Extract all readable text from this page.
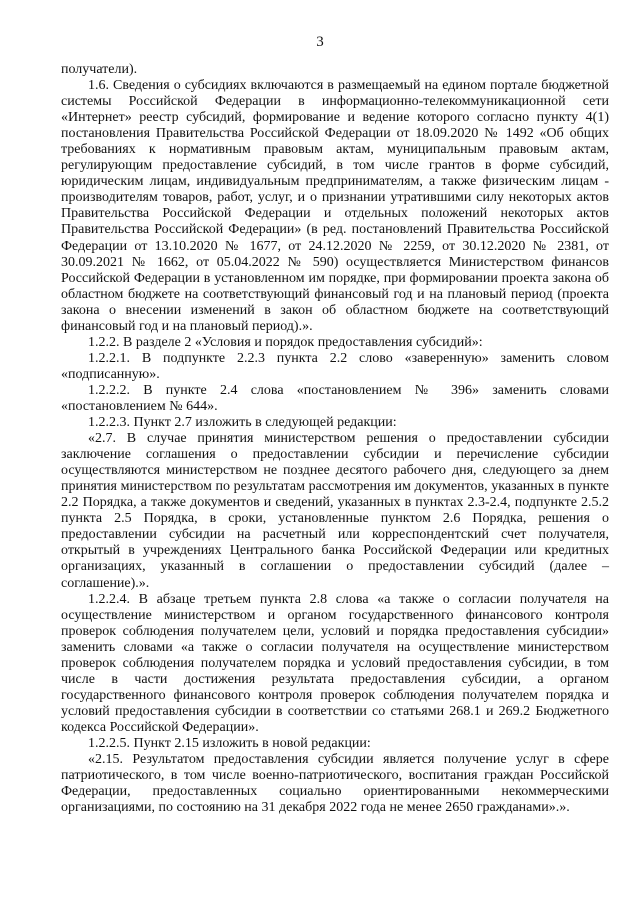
3

получатели).

1.6. Сведения о субсидиях включаются в размещаемый на едином портале бюджетной системы Российской Федерации в информационно-телекоммуникационной сети «Интернет» реестр субсидий, формирование и ведение которого согласно пункту 4(1) постановления Правительства Российской Федерации от 18.09.2020 № 1492 «Об общих требованиях к нормативным правовым актам, муниципальным правовым актам, регулирующим предоставление субсидий, в том числе грантов в форме субсидий, юридическим лицам, индивидуальным предпринимателям, а также физическим лицам - производителям товаров, работ, услуг, и о признании утратившими силу некоторых актов Правительства Российской Федерации и отдельных положений некоторых актов Правительства Российской Федерации» (в ред. постановлений Правительства Российской Федерации от 13.10.2020 № 1677, от 24.12.2020 № 2259, от 30.12.2020 № 2381, от 30.09.2021 № 1662, от 05.04.2022 № 590) осуществляется Министерством финансов Российской Федерации в установленном им порядке, при формировании проекта закона об областном бюджете на соответствующий финансовый год и на плановый период (проекта закона о внесении изменений в закон об областном бюджете на соответствующий финансовый год и на плановый период).».

1.2.2. В разделе 2 «Условия и порядок предоставления субсидий»:

1.2.2.1. В подпункте 2.2.3 пункта 2.2 слово «заверенную» заменить словом «подписанную».

1.2.2.2. В пункте 2.4 слова «постановлением № 396» заменить словами «постановлением № 644».

1.2.2.3. Пункт 2.7 изложить в следующей редакции:

«2.7. В случае принятия министерством решения о предоставлении субсидии заключение соглашения о предоставлении субсидии и перечисление субсидии осуществляются министерством не позднее десятого рабочего дня, следующего за днем принятия министерством по результатам рассмотрения им документов, указанных в пункте 2.2 Порядка, а также документов и сведений, указанных в пунктах 2.3-2.4, подпункте 2.5.2 пункта 2.5 Порядка, в сроки, установленные пунктом 2.6 Порядка, решения о предоставлении субсидии на расчетный или корреспондентский счет получателя, открытый в учреждениях Центрального банка Российской Федерации или кредитных организациях, указанный в соглашении о предоставлении субсидий (далее – соглашение).».

1.2.2.4. В абзаце третьем пункта 2.8 слова «а также о согласии получателя на осуществление министерством и органом государственного финансового контроля проверок соблюдения получателем цели, условий и порядка предоставления субсидии» заменить словами «а также о согласии получателя на осуществление министерством проверок соблюдения получателем порядка и условий предоставления субсидии, в том числе в части достижения результата предоставления субсидии, а органом государственного финансового контроля проверок соблюдения получателем порядка и условий предоставления субсидии в соответствии со статьями 268.1 и 269.2 Бюджетного кодекса Российской Федерации».

1.2.2.5. Пункт 2.15 изложить в новой редакции:

«2.15. Результатом предоставления субсидии является получение услуг в сфере патриотического, в том числе военно-патриотического, воспитания граждан Российской Федерации, предоставленных социально ориентированными некоммерческими организациями, по состоянию на 31 декабря 2022 года не менее 2650 гражданами».».
